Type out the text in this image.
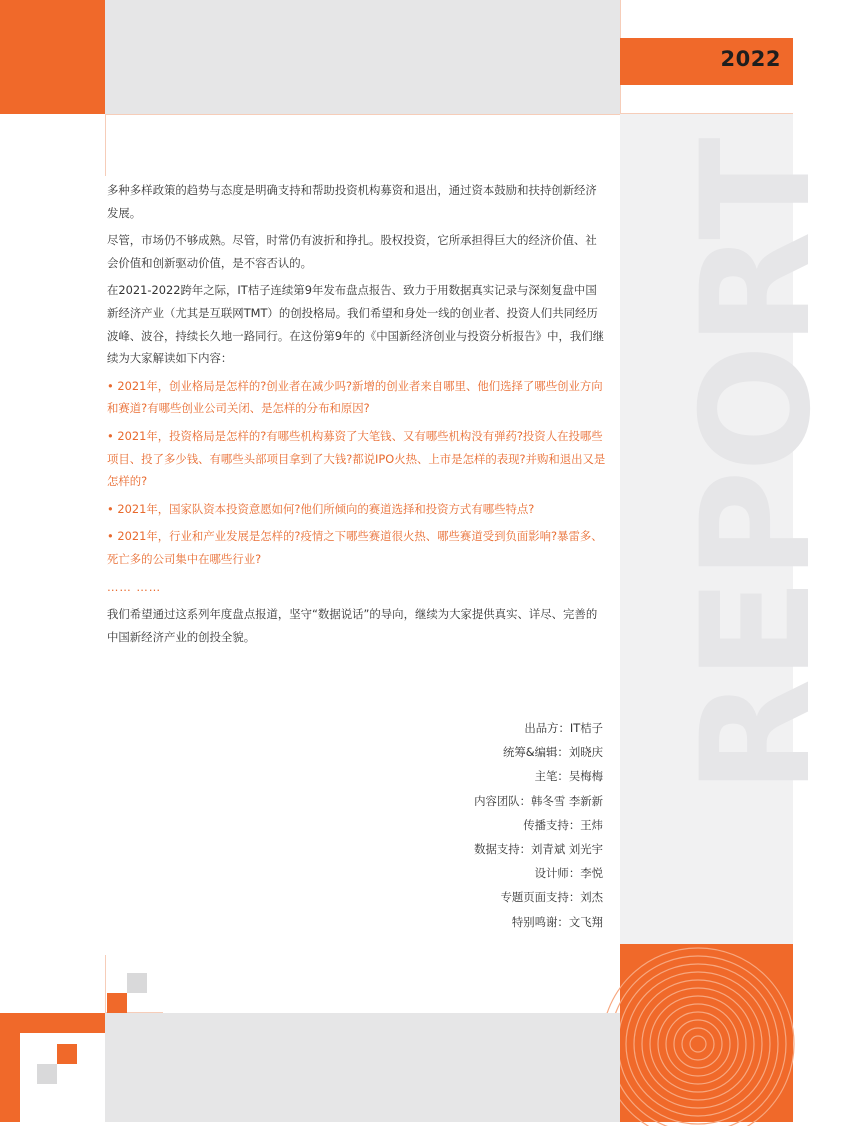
REPORT
2022

多种多样政策的趋势与态度是明确支持和帮助投资机构募资和退出，通过资本鼓励和扶持创新经济发展。

尽管，市场仍不够成熟。尽管，时常仍有波折和挣扎。股权投资，它所承担得巨大的经济价值、社会价值和创新驱动价值，是不容否认的。

在2021-2022跨年之际，IT桔子连续第9年发布盘点报告、致力于用数据真实记录与深刻复盘中国新经济产业（尤其是互联网TMT）的创投格局。我们希望和身处一线的创业者、投资人们共同经历波峰、波谷，持续长久地一路同行。在这份第9年的《中国新经济创业与投资分析报告》中，我们继续为大家解读如下内容：

• 2021年，创业格局是怎样的?创业者在减少吗?新增的创业者来自哪里、他们选择了哪些创业方向和赛道?有哪些创业公司关闭、是怎样的分布和原因?

• 2021年，投资格局是怎样的?有哪些机构募资了大笔钱、又有哪些机构没有弹药?投资人在投哪些项目、投了多少钱、有哪些头部项目拿到了大钱?都说IPO火热、上市是怎样的表现?并购和退出又是怎样的?

• 2021年，国家队资本投资意愿如何?他们所倾向的赛道选择和投资方式有哪些特点?

• 2021年，行业和产业发展是怎样的?疫情之下哪些赛道很火热、哪些赛道受到负面影响?暴雷多、死亡多的公司集中在哪些行业?

…… ……

我们希望通过这系列年度盘点报道，坚守“数据说话”的导向，继续为大家提供真实、详尽、完善的中国新经济产业的创投全貌。

出品方：IT桔子
统筹&编辑：刘晓庆
主笔：吴梅梅
内容团队：韩冬雪 李新新
传播支持：王炜
数据支持：刘青斌 刘光宇
设计师：李悦
专题页面支持：刘杰
特别鸣谢：文飞翔
